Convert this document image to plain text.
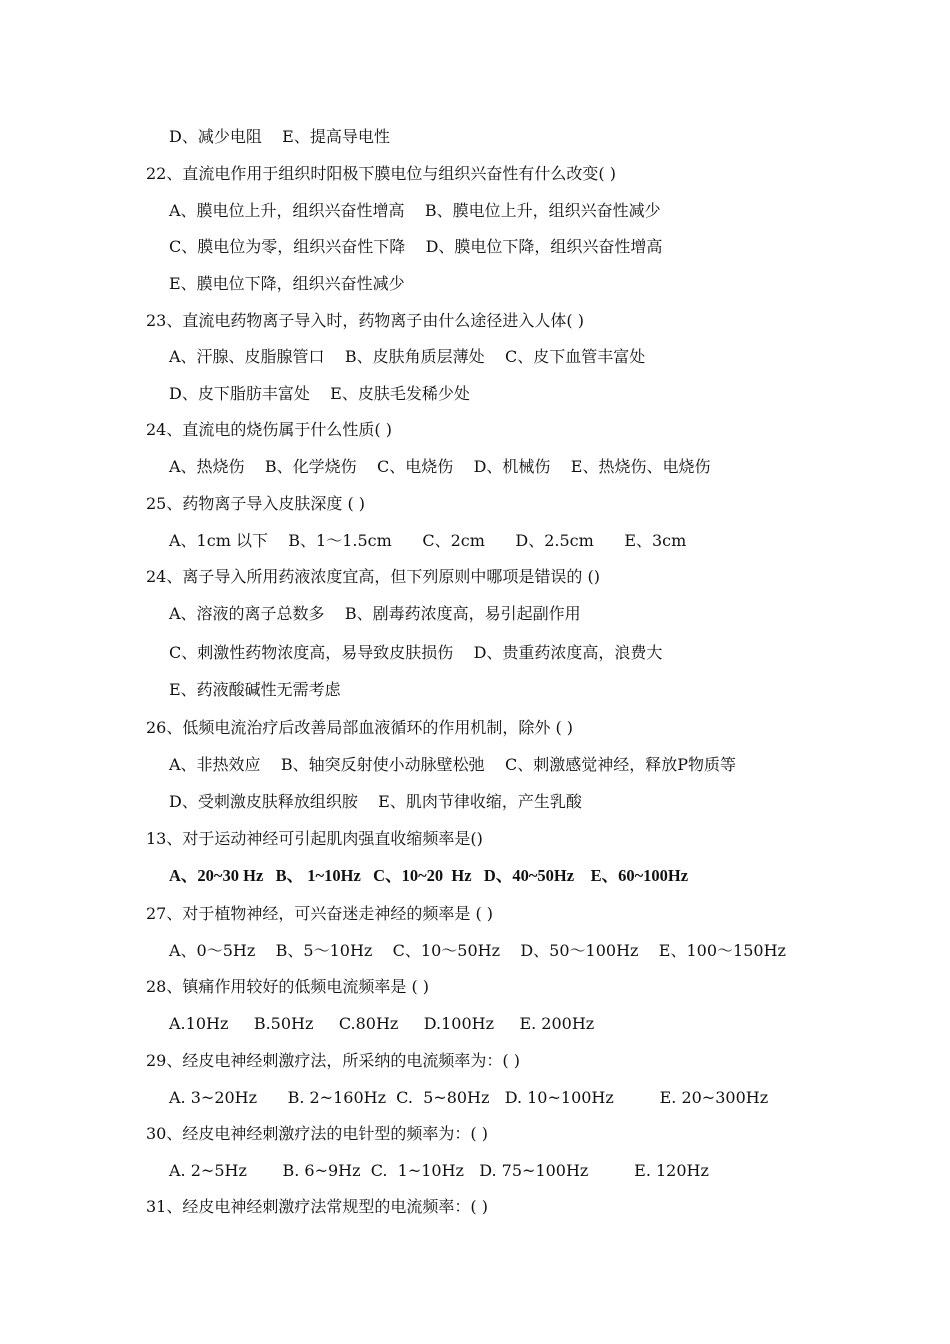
D、减少电阻    E、提高导电性
22、直流电作用于组织时阳极下膜电位与组织兴奋性有什么改变( )
A、膜电位上升，组织兴奋性增高    B、膜电位上升，组织兴奋性减少
C、膜电位为零，组织兴奋性下降    D、膜电位下降，组织兴奋性增高
E、膜电位下降，组织兴奋性减少
23、直流电药物离子导入时，药物离子由什么途径进入人体( )
A、汗腺、皮脂腺管口    B、皮肤角质层薄处    C、皮下血管丰富处
D、皮下脂肪丰富处    E、皮肤毛发稀少处
24、直流电的烧伤属于什么性质( )
A、热烧伤    B、化学烧伤    C、电烧伤    D、机械伤    E、热烧伤、电烧伤
25、药物离子导入皮肤深度 ( )
A、1cm 以下    B、1～1.5cm      C、2cm      D、2.5cm      E、3cm
24、离子导入所用药液浓度宜高，但下列原则中哪项是错误的 ()
A、溶液的离子总数多    B、剧毒药浓度高，易引起副作用
C、刺激性药物浓度高，易导致皮肤损伤    D、贵重药浓度高，浪费大
E、药液酸碱性无需考虑
26、低频电流治疗后改善局部血液循环的作用机制，除外 ( )
A、非热效应    B、轴突反射使小动脉壁松弛    C、刺激感觉神经，释放P物质等
D、受刺激皮肤释放组织胺    E、肌肉节律收缩，产生乳酸
13、对于运动神经可引起肌肉强直收缩频率是()
A、20~30 Hz   B、 1~10Hz   C、10~20  Hz   D、40~50Hz    E、60~100Hz
27、对于植物神经，可兴奋迷走神经的频率是 ( )
A、0～5Hz    B、5～10Hz    C、10～50Hz    D、50～100Hz    E、100～150Hz
28、镇痛作用较好的低频电流频率是 ( )
A.10Hz     B.50Hz     C.80Hz     D.100Hz     E. 200Hz
29、经皮电神经刺激疗法，所采纳的电流频率为：( )
A. 3~20Hz      B. 2~160Hz  C.  5~80Hz   D. 10~100Hz         E. 20~300Hz
30、经皮电神经刺激疗法的电针型的频率为：( )
A. 2~5Hz       B. 6~9Hz  C.  1~10Hz   D. 75~100Hz         E. 120Hz
31、经皮电神经刺激疗法常规型的电流频率：( )
